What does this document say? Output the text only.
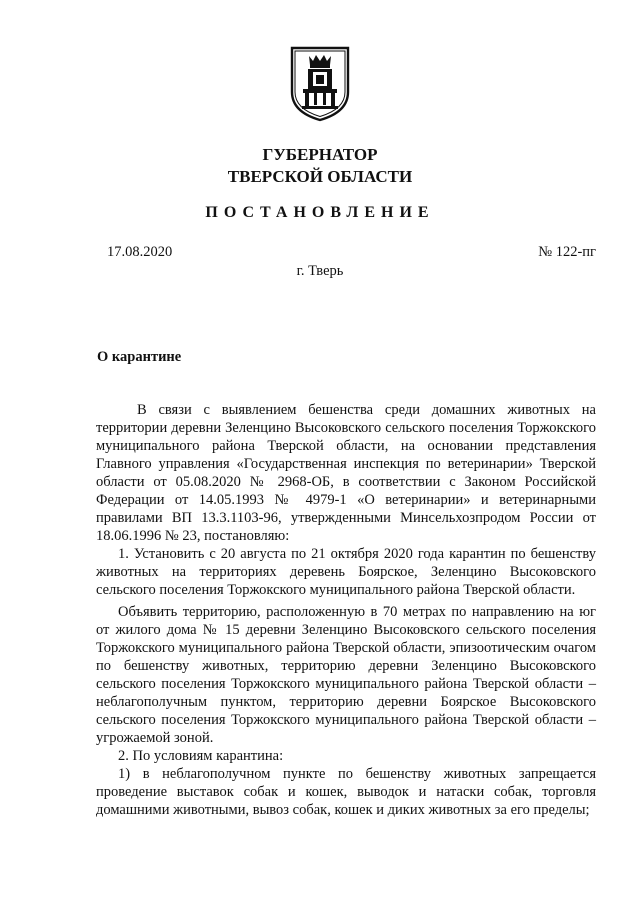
ГУБЕРНАТОР
ТВЕРСКОЙ ОБЛАСТИ
ПОСТАНОВЛЕНИЕ
17.08.2020	№ 122-пг
г. Тверь
О карантине

В связи с выявлением бешенства среди домашних животных на территории деревни Зеленцино Высоковского сельского поселения Торжокского муниципального района Тверской области, на основании представления Главного управления «Государственная инспекция по ветеринарии» Тверской области от 05.08.2020 № 2968-ОБ, в соответствии с Законом Российской Федерации от 14.05.1993 № 4979-1 «О ветеринарии» и ветеринарными правилами ВП 13.3.1103-96, утвержденными Минсельхозпродом России от 18.06.1996 № 23, постановляю:

1. Установить с 20 августа по 21 октября 2020 года карантин по бешенству животных на территориях деревень Боярское, Зеленцино Высоковского сельского поселения Торжокского муниципального района Тверской области.

Объявить территорию, расположенную в 70 метрах по направлению на юг от жилого дома № 15 деревни Зеленцино Высоковского сельского поселения Торжокского муниципального района Тверской области, эпизоотическим очагом по бешенству животных, территорию деревни Зеленцино Высоковского сельского поселения Торжокского муниципального района Тверской области – неблагополучным пунктом, территорию деревни Боярское Высоковского сельского поселения Торжокского муниципального района Тверской области – угрожаемой зоной.

2. По условиям карантина:

1) в неблагополучном пункте по бешенству животных запрещается проведение выставок собак и кошек, выводок и натаски собак, торговля домашними животными, вывоз собак, кошек и диких животных за его пределы;
